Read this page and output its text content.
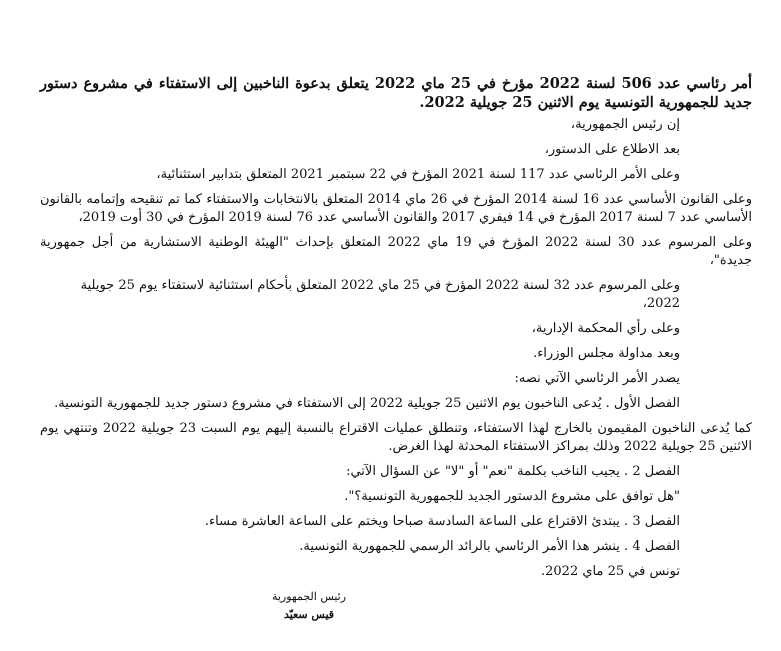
أمر رئاسي عدد 506 لسنة 2022 مؤرخ في 25 ماي 2022 يتعلق بدعوة الناخبين إلى الاستفتاء في مشروع دستور جديد للجمهورية التونسية يوم الاثنين 25 جويلية 2022.

إن رئيس الجمهورية،

بعد الاطلاع على الدستور،

وعلى الأمر الرئاسي عدد 117 لسنة 2021 المؤرخ في 22 سبتمبر 2021 المتعلق بتدابير استثنائية،

وعلى القانون الأساسي عدد 16 لسنة 2014 المؤرخ في 26 ماي 2014 المتعلق بالانتخابات والاستفتاء كما تم تنقيحه وإتمامه بالقانون الأساسي عدد 7 لسنة 2017 المؤرخ في 14 فيفري 2017 والقانون الأساسي عدد 76 لسنة 2019 المؤرخ في 30 أوت 2019،

وعلى المرسوم عدد 30 لسنة 2022 المؤرخ في 19 ماي 2022 المتعلق بإحداث "الهيئة الوطنية الاستشارية من أجل جمهورية جديدة"،

وعلى المرسوم عدد 32 لسنة 2022 المؤرخ في 25 ماي 2022 المتعلق بأحكام استثنائية لاستفتاء يوم 25 جويلية 2022،

وعلى رأي المحكمة الإدارية،

وبعد مداولة مجلس الوزراء.

يصدر الأمر الرئاسي الآتي نصه:

الفصل الأول . يُدعى الناخبون يوم الاثنين 25 جويلية 2022 إلى الاستفتاء في مشروع دستور جديد للجمهورية التونسية.

كما يُدعى الناخبون المقيمون بالخارج لهذا الاستفتاء، وتنطلق عمليات الاقتراع بالنسبة إليهم يوم السبت 23 جويلية 2022 وتنتهي يوم الاثنين 25 جويلية 2022 وذلك بمراكز الاستفتاء المحدثة لهذا الغرض.

الفصل 2 . يجيب الناخب بكلمة "نعم" أو "لا" عن السؤال الآتي:

"هل توافق على مشروع الدستور الجديد للجمهورية التونسية؟".

الفصل 3 . يبتدئ الاقتراع على الساعة السادسة صباحا ويختم على الساعة العاشرة مساء.

الفصل 4 . ينشر هذا الأمر الرئاسي بالرائد الرسمي للجمهورية التونسية.

تونس في 25 ماي 2022.

رئيس الجمهورية
قيس سعيّد
